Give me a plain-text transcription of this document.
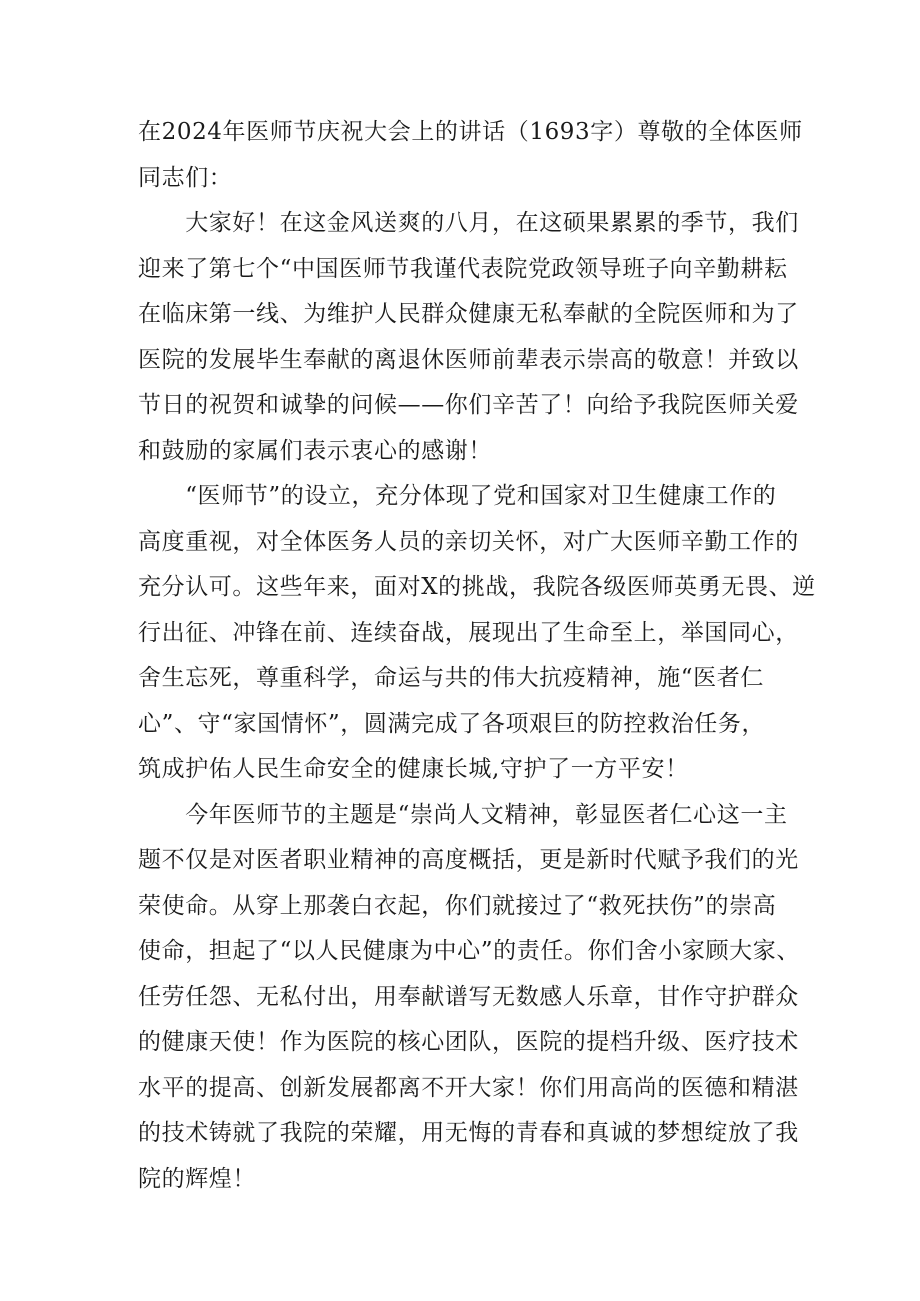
在2024年医师节庆祝大会上的讲话（1693字）尊敬的全体医师
同志们：
　　大家好！在这金风送爽的八月，在这硕果累累的季节，我们
迎来了第七个“中国医师节我谨代表院党政领导班子向辛勤耕耘
在临床第一线、为维护人民群众健康无私奉献的全院医师和为了
医院的发展毕生奉献的离退休医师前辈表示崇高的敬意！并致以
节日的祝贺和诚挚的问候——你们辛苦了！向给予我院医师关爱
和鼓励的家属们表示衷心的感谢！
　　“医师节”的设立，充分体现了党和国家对卫生健康工作的
高度重视，对全体医务人员的亲切关怀，对广大医师辛勤工作的
充分认可。这些年来，面对X的挑战，我院各级医师英勇无畏、逆
行出征、冲锋在前、连续奋战，展现出了生命至上，举国同心，
舍生忘死，尊重科学，命运与共的伟大抗疫精神，施“医者仁
心”、守“家国情怀”，圆满完成了各项艰巨的防控救治任务，
筑成护佑人民生命安全的健康长城,守护了一方平安！
　　今年医师节的主题是“崇尚人文精神，彰显医者仁心这一主
题不仅是对医者职业精神的高度概括，更是新时代赋予我们的光
荣使命。从穿上那袭白衣起，你们就接过了“救死扶伤”的崇高
使命，担起了“以人民健康为中心”的责任。你们舍小家顾大家、
任劳任怨、无私付出，用奉献谱写无数感人乐章，甘作守护群众
的健康天使！作为医院的核心团队，医院的提档升级、医疗技术
水平的提高、创新发展都离不开大家！你们用高尚的医德和精湛
的技术铸就了我院的荣耀，用无悔的青春和真诚的梦想绽放了我
院的辉煌！
